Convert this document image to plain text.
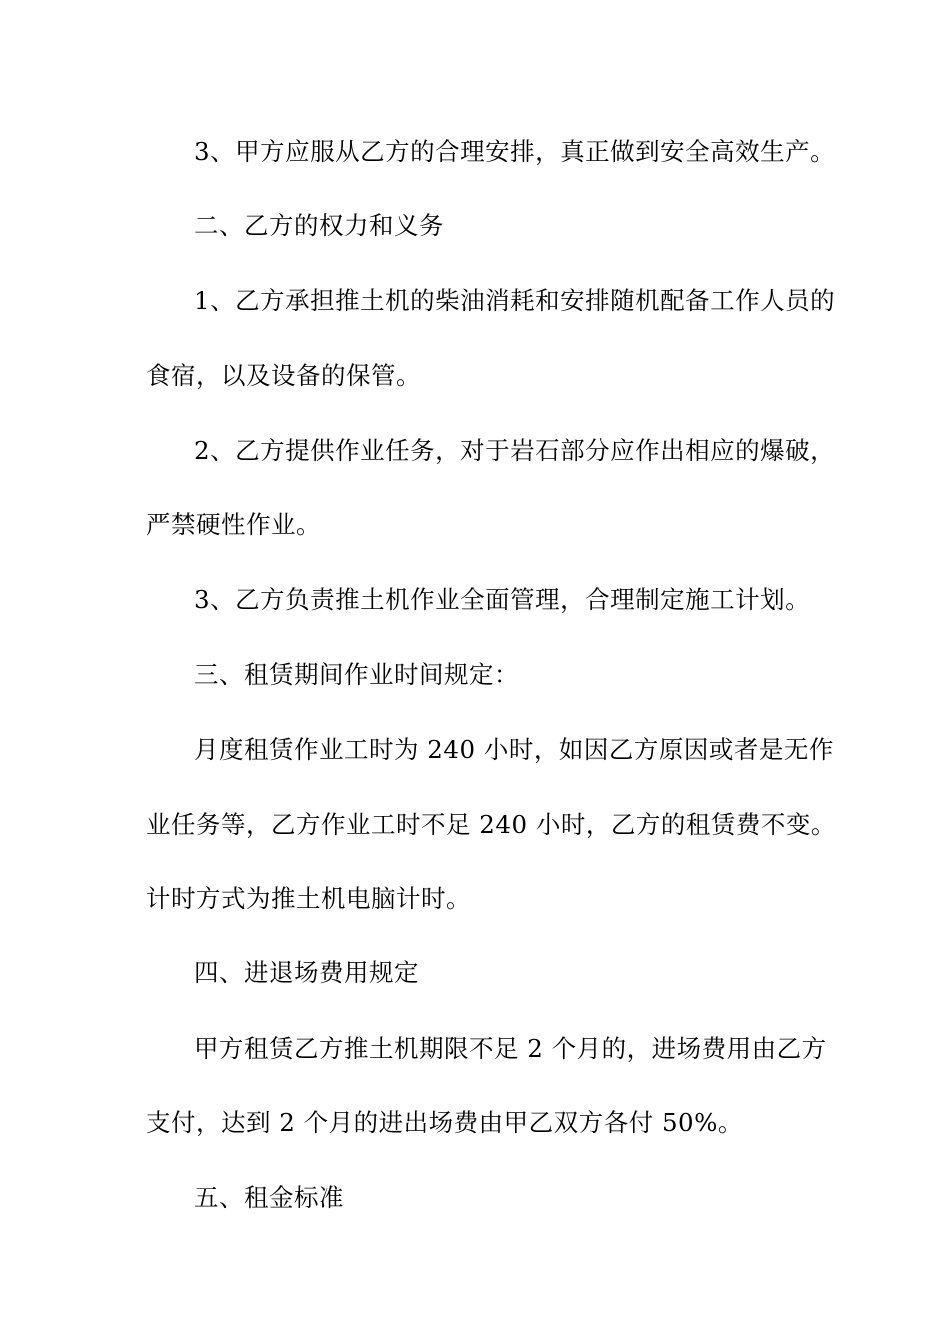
3、甲方应服从乙方的合理安排，真正做到安全高效生产。
二、乙方的权力和义务
1、乙方承担推土机的柴油消耗和安排随机配备工作人员的
食宿，以及设备的保管。
2、乙方提供作业任务，对于岩石部分应作出相应的爆破，
严禁硬性作业。
3、乙方负责推土机作业全面管理，合理制定施工计划。
三、租赁期间作业时间规定：
月度租赁作业工时为 240 小时，如因乙方原因或者是无作
业任务等，乙方作业工时不足 240 小时，乙方的租赁费不变。
计时方式为推土机电脑计时。
四、进退场费用规定
甲方租赁乙方推土机期限不足 2 个月的，进场费用由乙方
支付，达到 2 个月的进出场费由甲乙双方各付 50%。
五、租金标准
